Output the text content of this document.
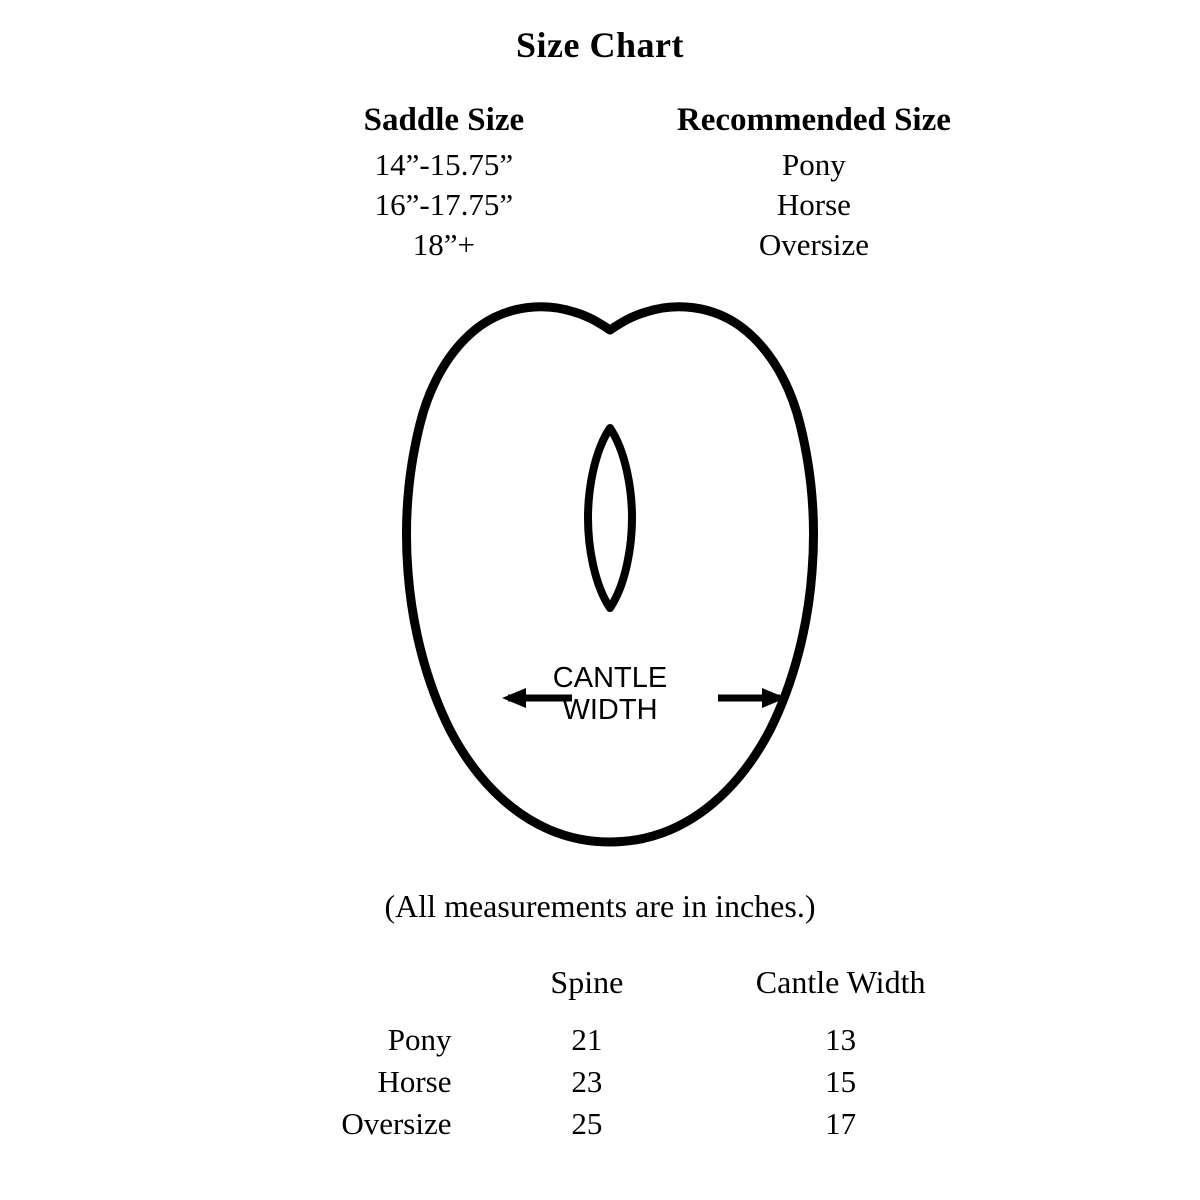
Size Chart
Saddle Size	Recommended Size
14”-15.75”	Pony
16”-17.75”	Horse
18”+	Oversize
CANTLE
WIDTH
(All measurements are in inches.)
	Spine	Cantle Width
Pony	21	13
Horse	23	15
Oversize	25	17
